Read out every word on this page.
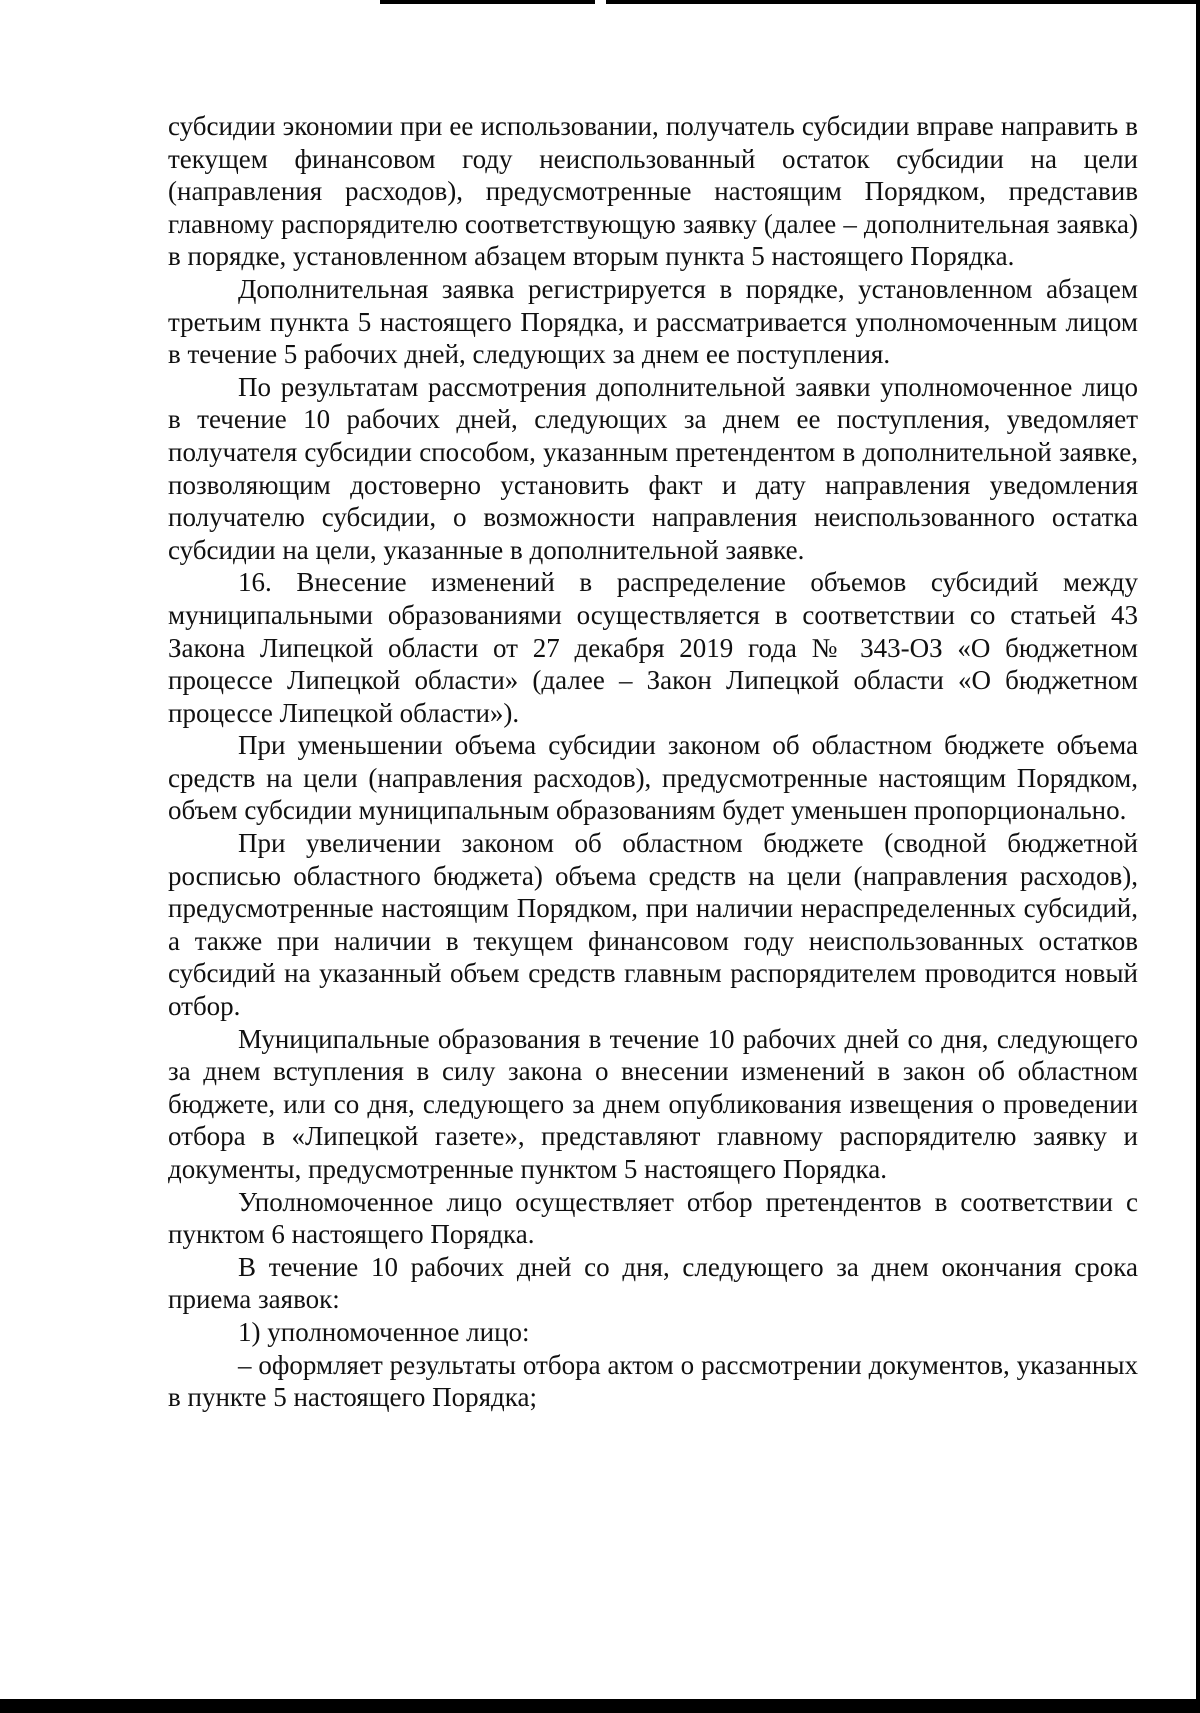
субсидии экономии при ее использовании, получатель субсидии вправе направить в текущем финансовом году неиспользованный остаток субсидии на цели (направления расходов), предусмотренные настоящим Порядком, представив главному распорядителю соответствующую заявку (далее – дополнительная заявка) в порядке, установленном абзацем вторым пункта 5 настоящего Порядка.

Дополнительная заявка регистрируется в порядке, установленном абзацем третьим пункта 5 настоящего Порядка, и рассматривается уполномоченным лицом в течение 5 рабочих дней, следующих за днем ее поступления.

По результатам рассмотрения дополнительной заявки уполномоченное лицо в течение 10 рабочих дней, следующих за днем ее поступления, уведомляет получателя субсидии способом, указанным претендентом в дополнительной заявке, позволяющим достоверно установить факт и дату направления уведомления получателю субсидии, о возможности направления неиспользованного остатка субсидии на цели, указанные в дополнительной заявке.

16. Внесение изменений в распределение объемов субсидий между муниципальными образованиями осуществляется в соответствии со статьей 43 Закона Липецкой области от 27 декабря 2019 года № 343-ОЗ «О бюджетном процессе Липецкой области» (далее – Закон Липецкой области «О бюджетном процессе Липецкой области»).

При уменьшении объема субсидии законом об областном бюджете объема средств на цели (направления расходов), предусмотренные настоящим Порядком, объем субсидии муниципальным образованиям будет уменьшен пропорционально.

При увеличении законом об областном бюджете (сводной бюджетной росписью областного бюджета) объема средств на цели (направления расходов), предусмотренные настоящим Порядком, при наличии нераспределенных субсидий, а также при наличии в текущем финансовом году неиспользованных остатков субсидий на указанный объем средств главным распорядителем проводится новый отбор.

Муниципальные образования в течение 10 рабочих дней со дня, следующего за днем вступления в силу закона о внесении изменений в закон об областном бюджете, или со дня, следующего за днем опубликования извещения о проведении отбора в «Липецкой газете», представляют главному распорядителю заявку и документы, предусмотренные пунктом 5 настоящего Порядка.

Уполномоченное лицо осуществляет отбор претендентов в соответствии с пунктом 6 настоящего Порядка.

В течение 10 рабочих дней со дня, следующего за днем окончания срока приема заявок:

1) уполномоченное лицо:

– оформляет результаты отбора актом о рассмотрении документов, указанных в пункте 5 настоящего Порядка;
